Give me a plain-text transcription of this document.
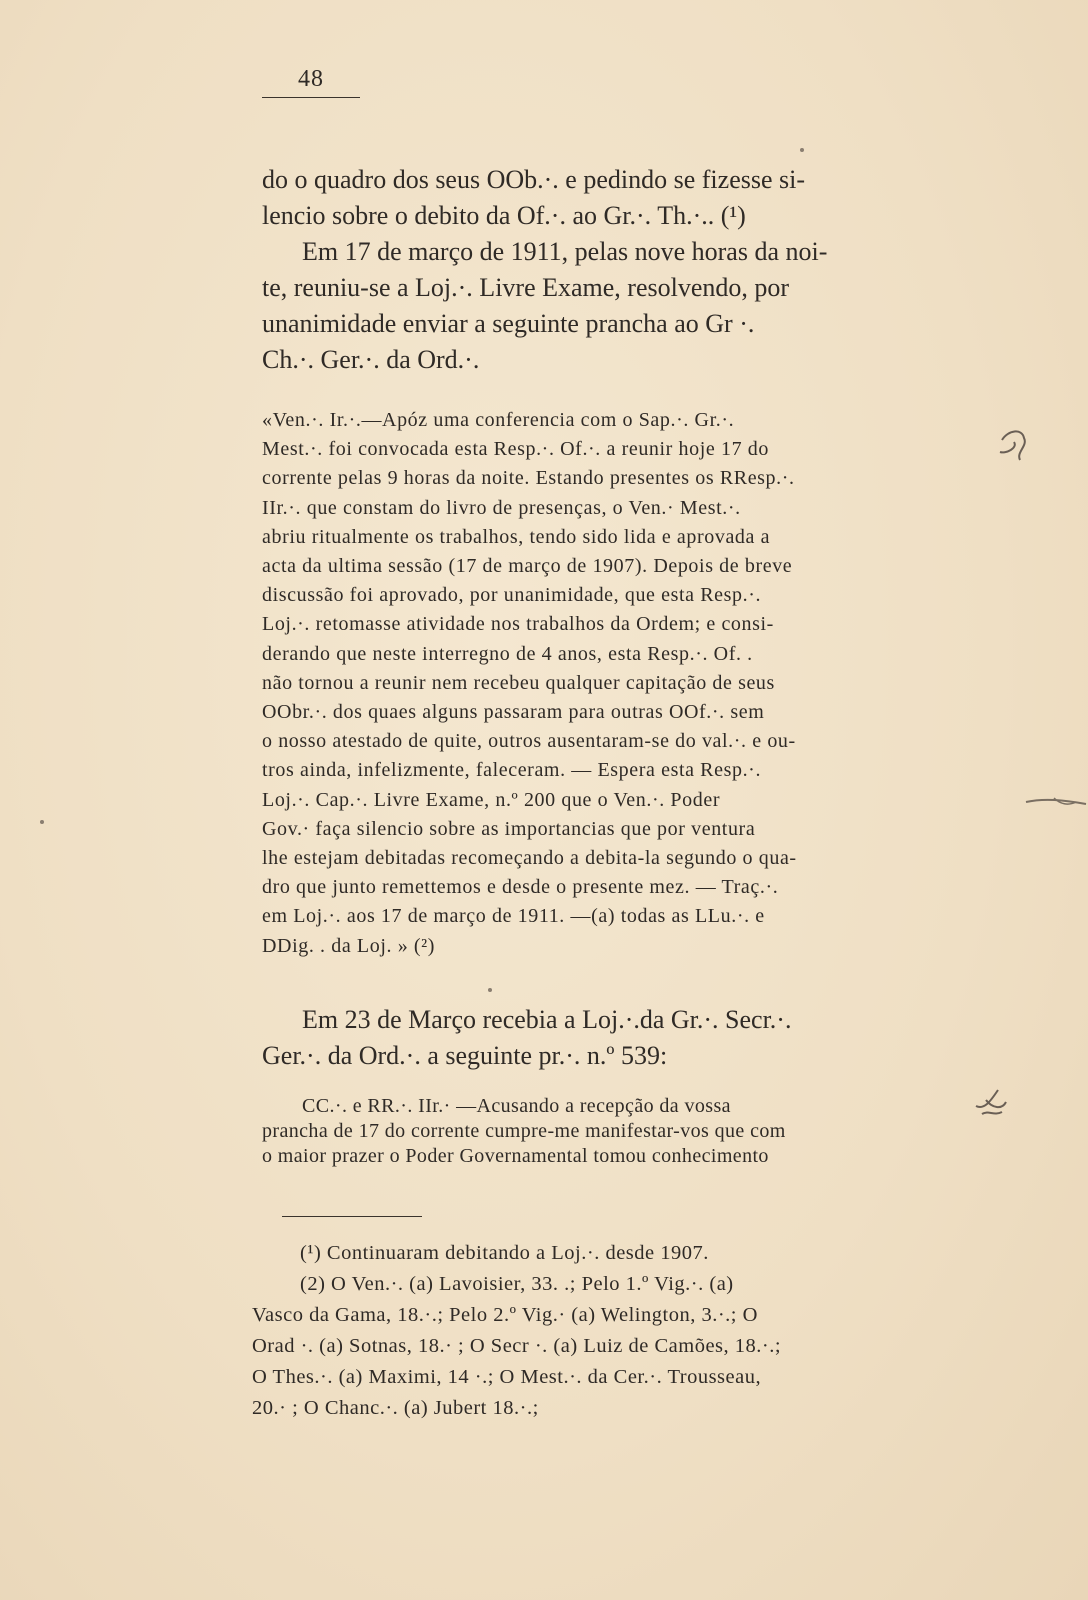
48
do o quadro dos seus OOb.·. e pedindo se fizesse si-
lencio sobre o debito da Of.·. ao Gr.·. Th.·.. (¹)
Em 17 de março de 1911, pelas nove horas da noi-
te, reuniu-se a Loj.·. Livre Exame, resolvendo, por
unanimidade enviar a seguinte prancha ao Gr ·.
Ch.·. Ger.·. da Ord.·.
«Ven.·. Ir.·.—Apóz uma conferencia com o Sap.·. Gr.·.
Mest.·. foi convocada esta Resp.·. Of.·. a reunir hoje 17 do
corrente pelas 9 horas da noite. Estando presentes os RResp.·.
IIr.·. que constam do livro de presenças, o Ven.· Mest.·.
abriu ritualmente os trabalhos, tendo sido lida e aprovada a
acta da ultima sessão (17 de março de 1907). Depois de breve
discussão foi aprovado, por unanimidade, que esta Resp.·.
Loj.·. retomasse atividade nos trabalhos da Ordem; e consi-
derando que neste interregno de 4 anos, esta Resp.·. Of. .
não tornou a reunir nem recebeu qualquer capitação de seus
OObr.·. dos quaes alguns passaram para outras OOf.·. sem
o nosso atestado de quite, outros ausentaram-se do val.·. e ou-
tros ainda, infelizmente, faleceram. — Espera esta Resp.·.
Loj.·. Cap.·. Livre Exame, n.º 200 que o Ven.·. Poder
Gov.· faça silencio sobre as importancias que por ventura
lhe estejam debitadas recomeçando a debita-la segundo o qua-
dro que junto remettemos e desde o presente mez. — Traç.·.
em Loj.·. aos 17 de março de 1911. —(a) todas as LLu.·. e
DDig. . da Loj. » (²)
Em 23 de Março recebia a Loj.·.da Gr.·. Secr.·.
Ger.·. da Ord.·. a seguinte pr.·. n.º 539:
CC.·. e RR.·. IIr.· —Acusando a recepção da vossa
prancha de 17 do corrente cumpre-me manifestar-vos que com
o maior prazer o Poder Governamental tomou conhecimento
(¹) Continuaram debitando a Loj.·. desde 1907.
(2) O Ven.·. (a) Lavoisier, 33. .; Pelo 1.º Vig.·. (a)
Vasco da Gama, 18.·.; Pelo 2.º Vig.· (a) Welington, 3.·.; O
Orad ·. (a) Sotnas, 18.· ; O Secr ·. (a) Luiz de Camões, 18.·.;
O Thes.·. (a) Maximi, 14 ·.; O Mest.·. da Cer.·. Trousseau,
20.· ; O Chanc.·. (a) Jubert 18.·.;
